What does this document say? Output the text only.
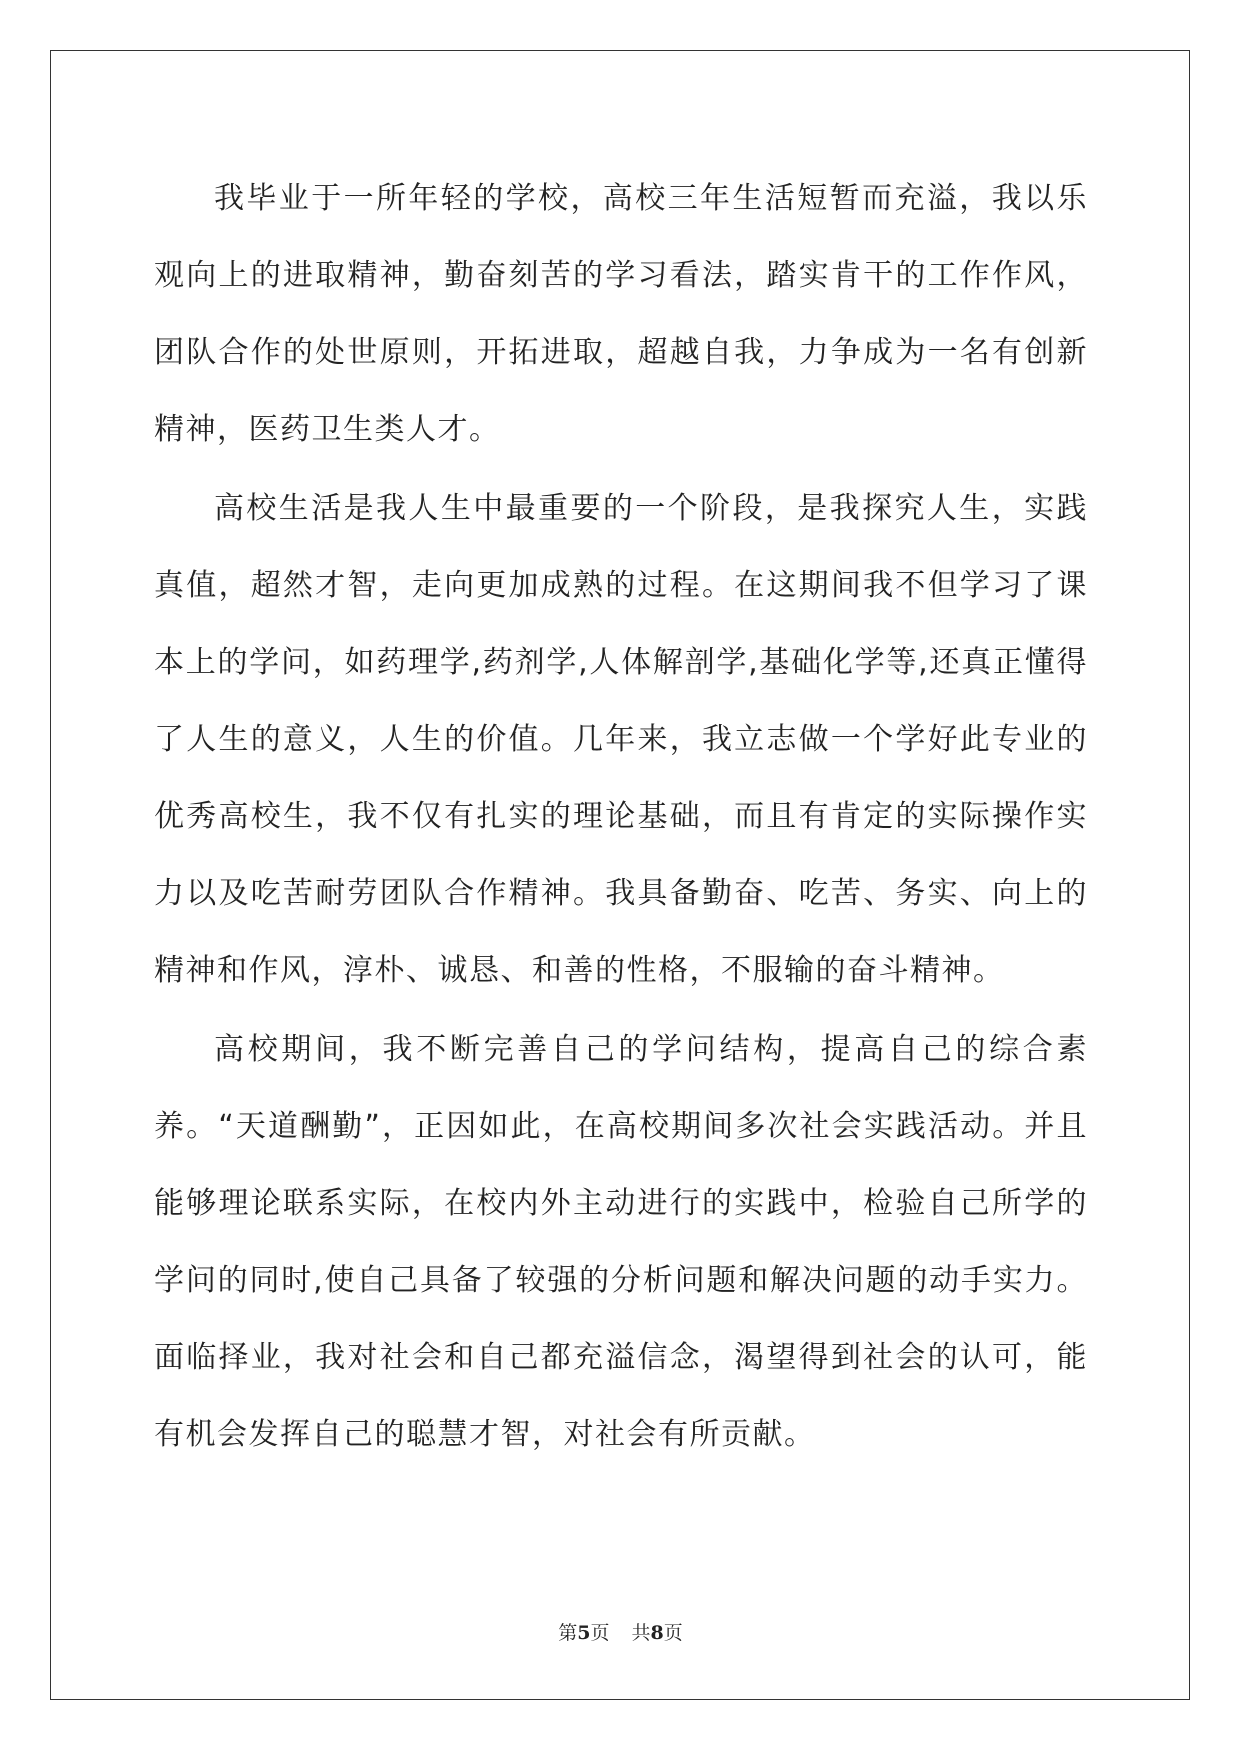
我毕业于一所年轻的学校，高校三年生活短暂而充溢，我以乐观向上的进取精神，勤奋刻苦的学习看法，踏实肯干的工作作风，团队合作的处世原则，开拓进取，超越自我，力争成为一名有创新精神，医药卫生类人才。

高校生活是我人生中最重要的一个阶段，是我探究人生，实践真值，超然才智，走向更加成熟的过程。在这期间我不但学习了课本上的学问，如药理学,药剂学,人体解剖学,基础化学等,还真正懂得了人生的意义，人生的价值。几年来，我立志做一个学好此专业的优秀高校生，我不仅有扎实的理论基础，而且有肯定的实际操作实力以及吃苦耐劳团队合作精神。我具备勤奋、吃苦、务实、向上的精神和作风，淳朴、诚恳、和善的性格，不服输的奋斗精神。

高校期间，我不断完善自己的学问结构，提高自己的综合素养。“天道酬勤”，正因如此，在高校期间多次社会实践活动。并且能够理论联系实际，在校内外主动进行的实践中，检验自己所学的学问的同时,使自己具备了较强的分析问题和解决问题的动手实力。面临择业，我对社会和自己都充溢信念，渴望得到社会的认可，能有机会发挥自己的聪慧才智，对社会有所贡献。

第5页 共8页
